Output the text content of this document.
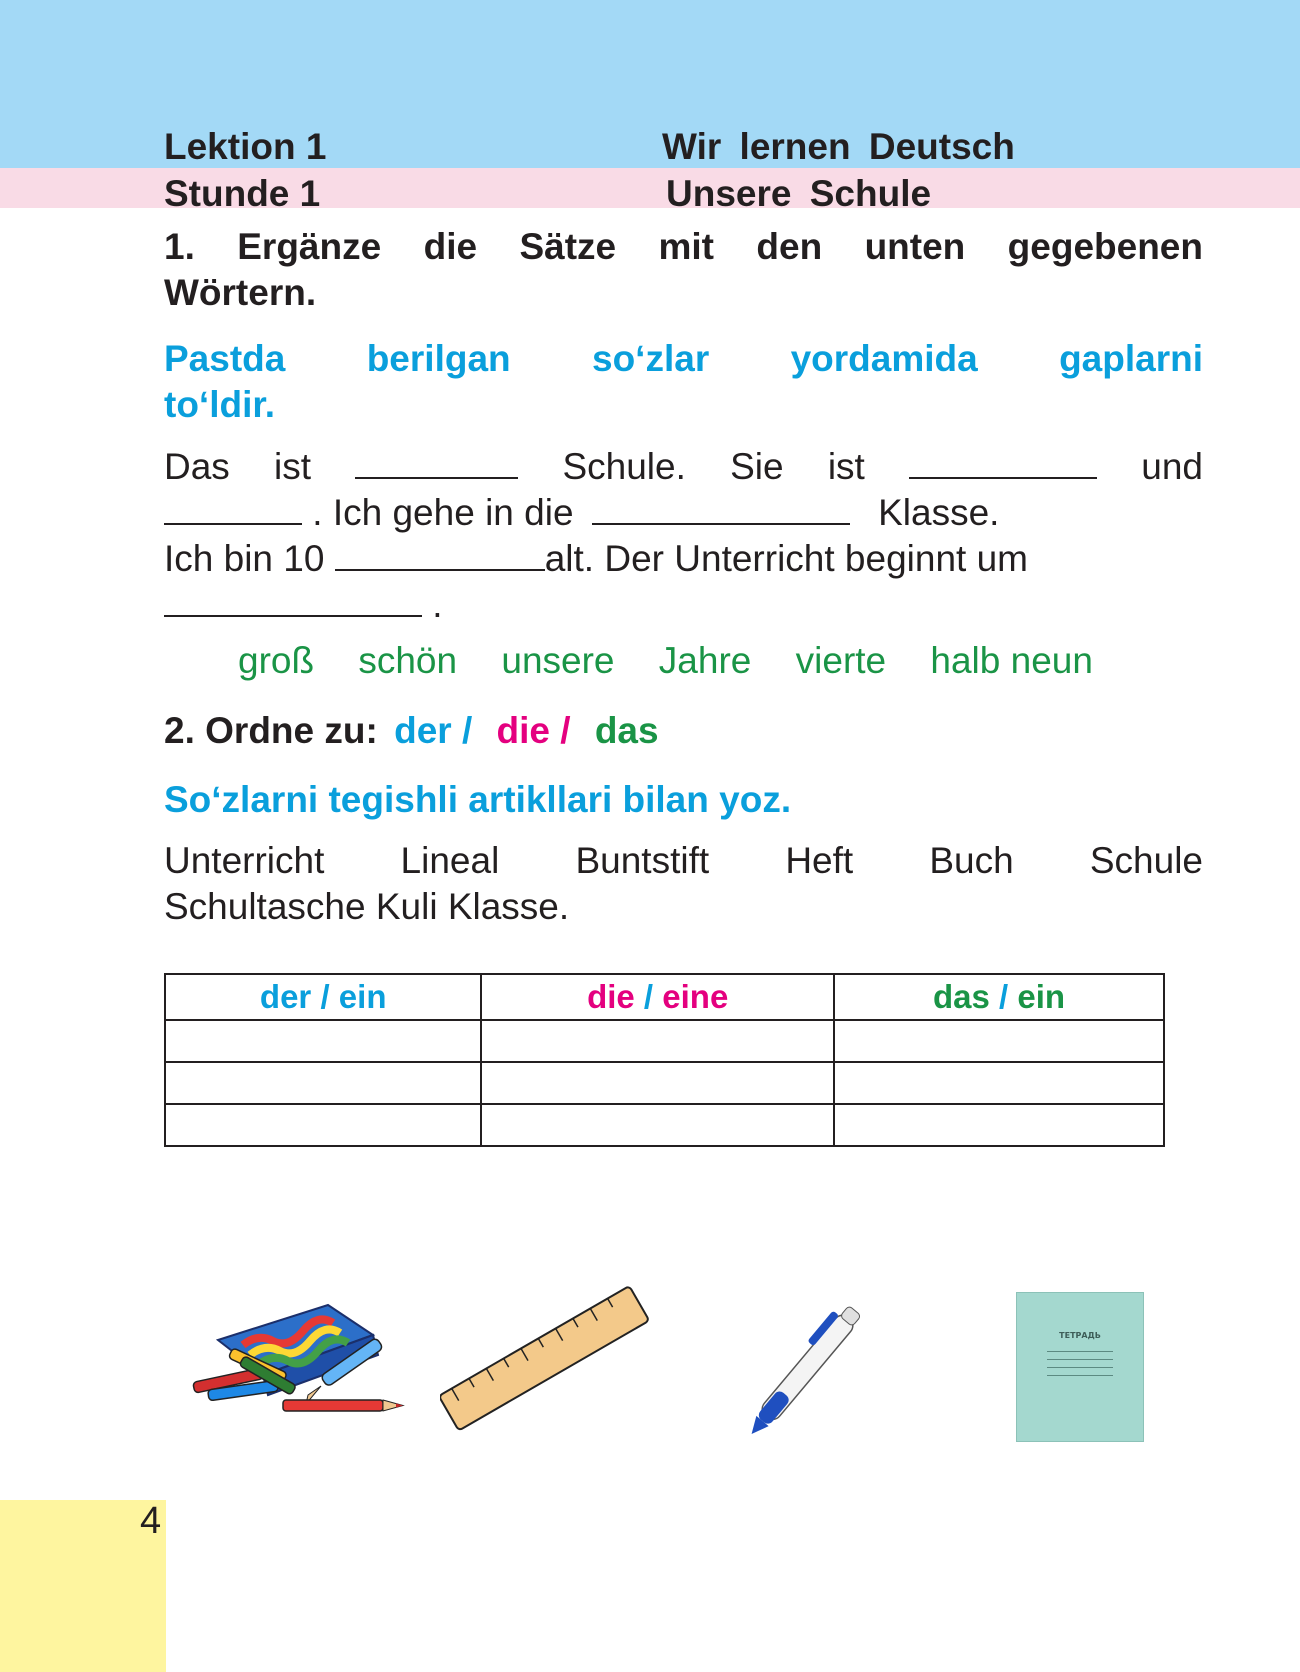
4
Lektion 1	Wir lernen Deutsch
Stunde 1	Unsere Schule
1. Ergänze die Sätze mit den unten gegebenen
Wörtern.
Pastda berilgan so‘zlar yordamida gaplarni
to‘ldir.
Das ist	Schule. Sie ist	und
. Ich gehe in die	Klasse.
Ich bin 10	alt. Der Unterricht beginnt um
.
groß schön unsere Jahre vierte halb neun
2. Ordne zu: der / die / das
So‘zlarni tegishli artikllari bilan yoz.
Unterricht Lineal Buntstift Heft Buch Schule
Schultasche Kuli Klasse.
der / ein	die / eine	das / ein

ТЕТРАДЬ
